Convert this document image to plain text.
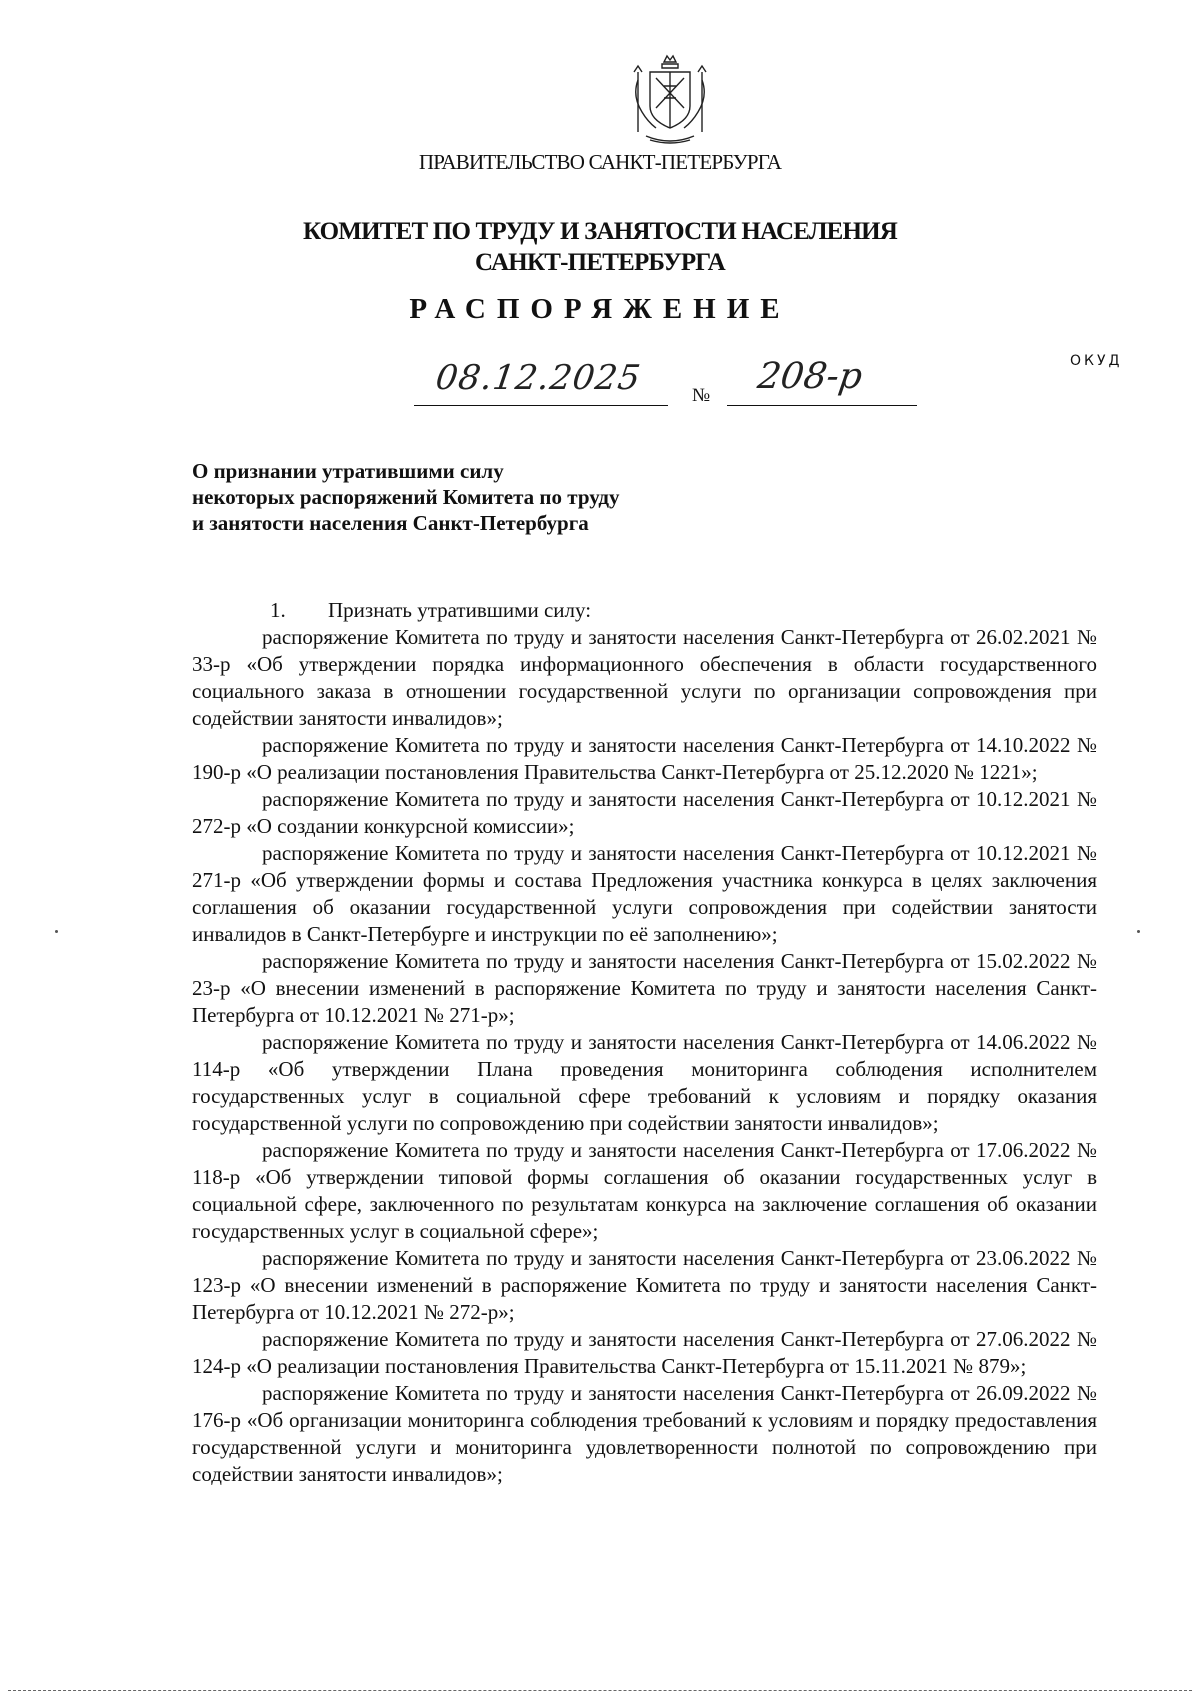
ПРАВИТЕЛЬСТВО САНКТ-ПЕТЕРБУРГА
КОМИТЕТ ПО ТРУДУ И ЗАНЯТОСТИ НАСЕЛЕНИЯ
САНКТ-ПЕТЕРБУРГА
РАСПОРЯЖЕНИЕ
ОКУД
08.12.2025	№ 208-р
О признании утратившими силу
некоторых распоряжений Комитета по труду
и занятости населения Санкт-Петербурга
1. Признать утратившими силу:

распоряжение Комитета по труду и занятости населения Санкт-Петербурга от 26.02.2021 № 33-р «Об утверждении порядка информационного обеспечения в области государственного социального заказа в отношении государственной услуги по организации сопровождения при содействии занятости инвалидов»;

распоряжение Комитета по труду и занятости населения Санкт-Петербурга от 14.10.2022 № 190-р «О реализации постановления Правительства Санкт-Петербурга от 25.12.2020 № 1221»;

распоряжение Комитета по труду и занятости населения Санкт-Петербурга от 10.12.2021 № 272-р «О создании конкурсной комиссии»;

распоряжение Комитета по труду и занятости населения Санкт-Петербурга от 10.12.2021 № 271-р «Об утверждении формы и состава Предложения участника конкурса в целях заключения соглашения об оказании государственной услуги сопровождения при содействии занятости инвалидов в Санкт-Петербурге и инструкции по её заполнению»;

распоряжение Комитета по труду и занятости населения Санкт-Петербурга от 15.02.2022 № 23-р «О внесении изменений в распоряжение Комитета по труду и занятости населения Санкт-Петербурга от 10.12.2021 № 271-р»;

распоряжение Комитета по труду и занятости населения Санкт-Петербурга от 14.06.2022 № 114-р «Об утверждении Плана проведения мониторинга соблюдения исполнителем государственных услуг в социальной сфере требований к условиям и порядку оказания государственной услуги по сопровождению при содействии занятости инвалидов»;

распоряжение Комитета по труду и занятости населения Санкт-Петербурга от 17.06.2022 № 118-р «Об утверждении типовой формы соглашения об оказании государственных услуг в социальной сфере, заключенного по результатам конкурса на заключение соглашения об оказании государственных услуг в социальной сфере»;

распоряжение Комитета по труду и занятости населения Санкт-Петербурга от 23.06.2022 № 123-р «О внесении изменений в распоряжение Комитета по труду и занятости населения Санкт-Петербурга от 10.12.2021 № 272-р»;

распоряжение Комитета по труду и занятости населения Санкт-Петербурга от 27.06.2022 № 124-р «О реализации постановления Правительства Санкт-Петербурга от 15.11.2021 № 879»;

распоряжение Комитета по труду и занятости населения Санкт-Петербурга от 26.09.2022 № 176-р «Об организации мониторинга соблюдения требований к условиям и порядку предоставления государственной услуги и мониторинга удовлетворенности полнотой по сопровождению при содействии занятости инвалидов»;
